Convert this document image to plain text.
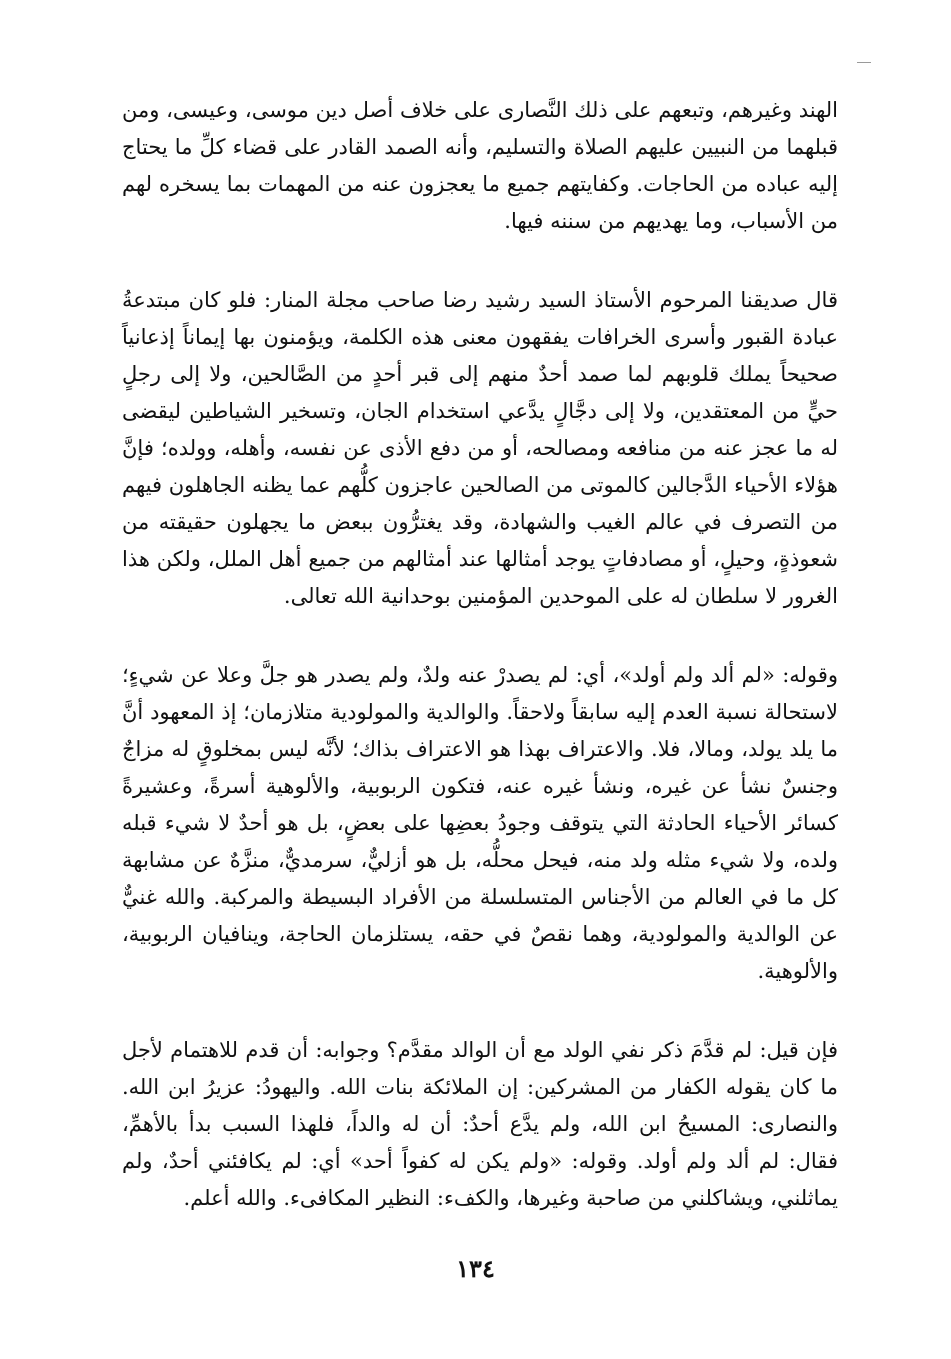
الهند وغيرهم، وتبعهم على ذلك النَّصارى على خلاف أصل دين موسى، وعيسى، ومن قبلهما من النبيين عليهم الصلاة والتسليم، وأنه الصمد القادر على قضاء كلِّ ما يحتاج إليه عباده من الحاجات. وكفايتهم جميع ما يعجزون عنه من المهمات بما يسخره لهم من الأسباب، وما يهديهم من سننه فيها.

قال صديقنا المرحوم الأستاذ السيد رشيد رضا صاحب مجلة المنار: فلو كان مبتدعةُ عبادة القبور وأسرى الخرافات يفقهون معنى هذه الكلمة، ويؤمنون بها إيماناً إذعانياً صحيحاً يملك قلوبهم لما صمد أحدٌ منهم إلى قبر أحدٍ من الصَّالحين، ولا إلى رجلٍ حيٍّ من المعتقدين، ولا إلى دجَّالٍ يدَّعي استخدام الجان، وتسخير الشياطين ليقضى له ما عجز عنه من منافعه ومصالحه، أو من دفع الأذى عن نفسه، وأهله، وولده؛ فإنَّ هؤلاء الأحياء الدَّجالين كالموتى من الصالحين عاجزون كلُّهم عما يظنه الجاهلون فيهم من التصرف في عالم الغيب والشهادة، وقد يغترُّون ببعض ما يجهلون حقيقته من شعوذةٍ، وحيلٍ، أو مصادفاتٍ يوجد أمثالها عند أمثالهم من جميع أهل الملل، ولكن هذا الغرور لا سلطان له على الموحدين المؤمنين بوحدانية الله تعالى.

وقوله: «لم ألد ولم أولد»، أي: لم يصدرْ عنه ولدٌ، ولم يصدر هو جلَّ وعلا عن شيءٍ؛ لاستحالة نسبة العدم إليه سابقاً ولاحقاً. والوالدية والمولودية متلازمان؛ إذ المعهود أنَّ ما يلد يولد، ومالا، فلا. والاعتراف بهذا هو الاعتراف بذاك؛ لأنَّه ليس بمخلوقٍ له مزاجٌ وجنسٌ نشأ عن غيره، ونشأ غيره عنه، فتكون الربوبية، والألوهية أسرةً، وعشيرةً كسائر الأحياء الحادثة التي يتوقف وجودُ بعضِها على بعضٍ، بل هو أحدٌ لا شيء قبله ولده، ولا شيء مثله ولد منه، فيحل محلُّه، بل هو أزليٌّ، سرمديٌّ، منزَّهٌ عن مشابهة كل ما في العالم من الأجناس المتسلسلة من الأفراد البسيطة والمركبة. والله غنيٌّ عن الوالدية والمولودية، وهما نقصٌ في حقه، يستلزمان الحاجة، وينافيان الربوبية، والألوهية.

فإن قيل: لم قدَّمَ ذكر نفي الولد مع أن الوالد مقدَّم؟ وجوابه: أن قدم للاهتمام لأجل ما كان يقوله الكفار من المشركين: إن الملائكة بنات الله. واليهودُ: عزيرُ ابن الله. والنصارى: المسيحُ ابن الله، ولم يدَّع أحدٌ: أن له والداً، فلهذا السبب بدأ بالأهمِّ، فقال: لم ألد ولم أولد. وقوله: «ولم يكن له كفواً أحد» أي: لم يكافئني أحدٌ، ولم يماثلني، ويشاكلني من صاحبة وغيرها، والكفء: النظير المكافىء. والله أعلم.

١٣٤
